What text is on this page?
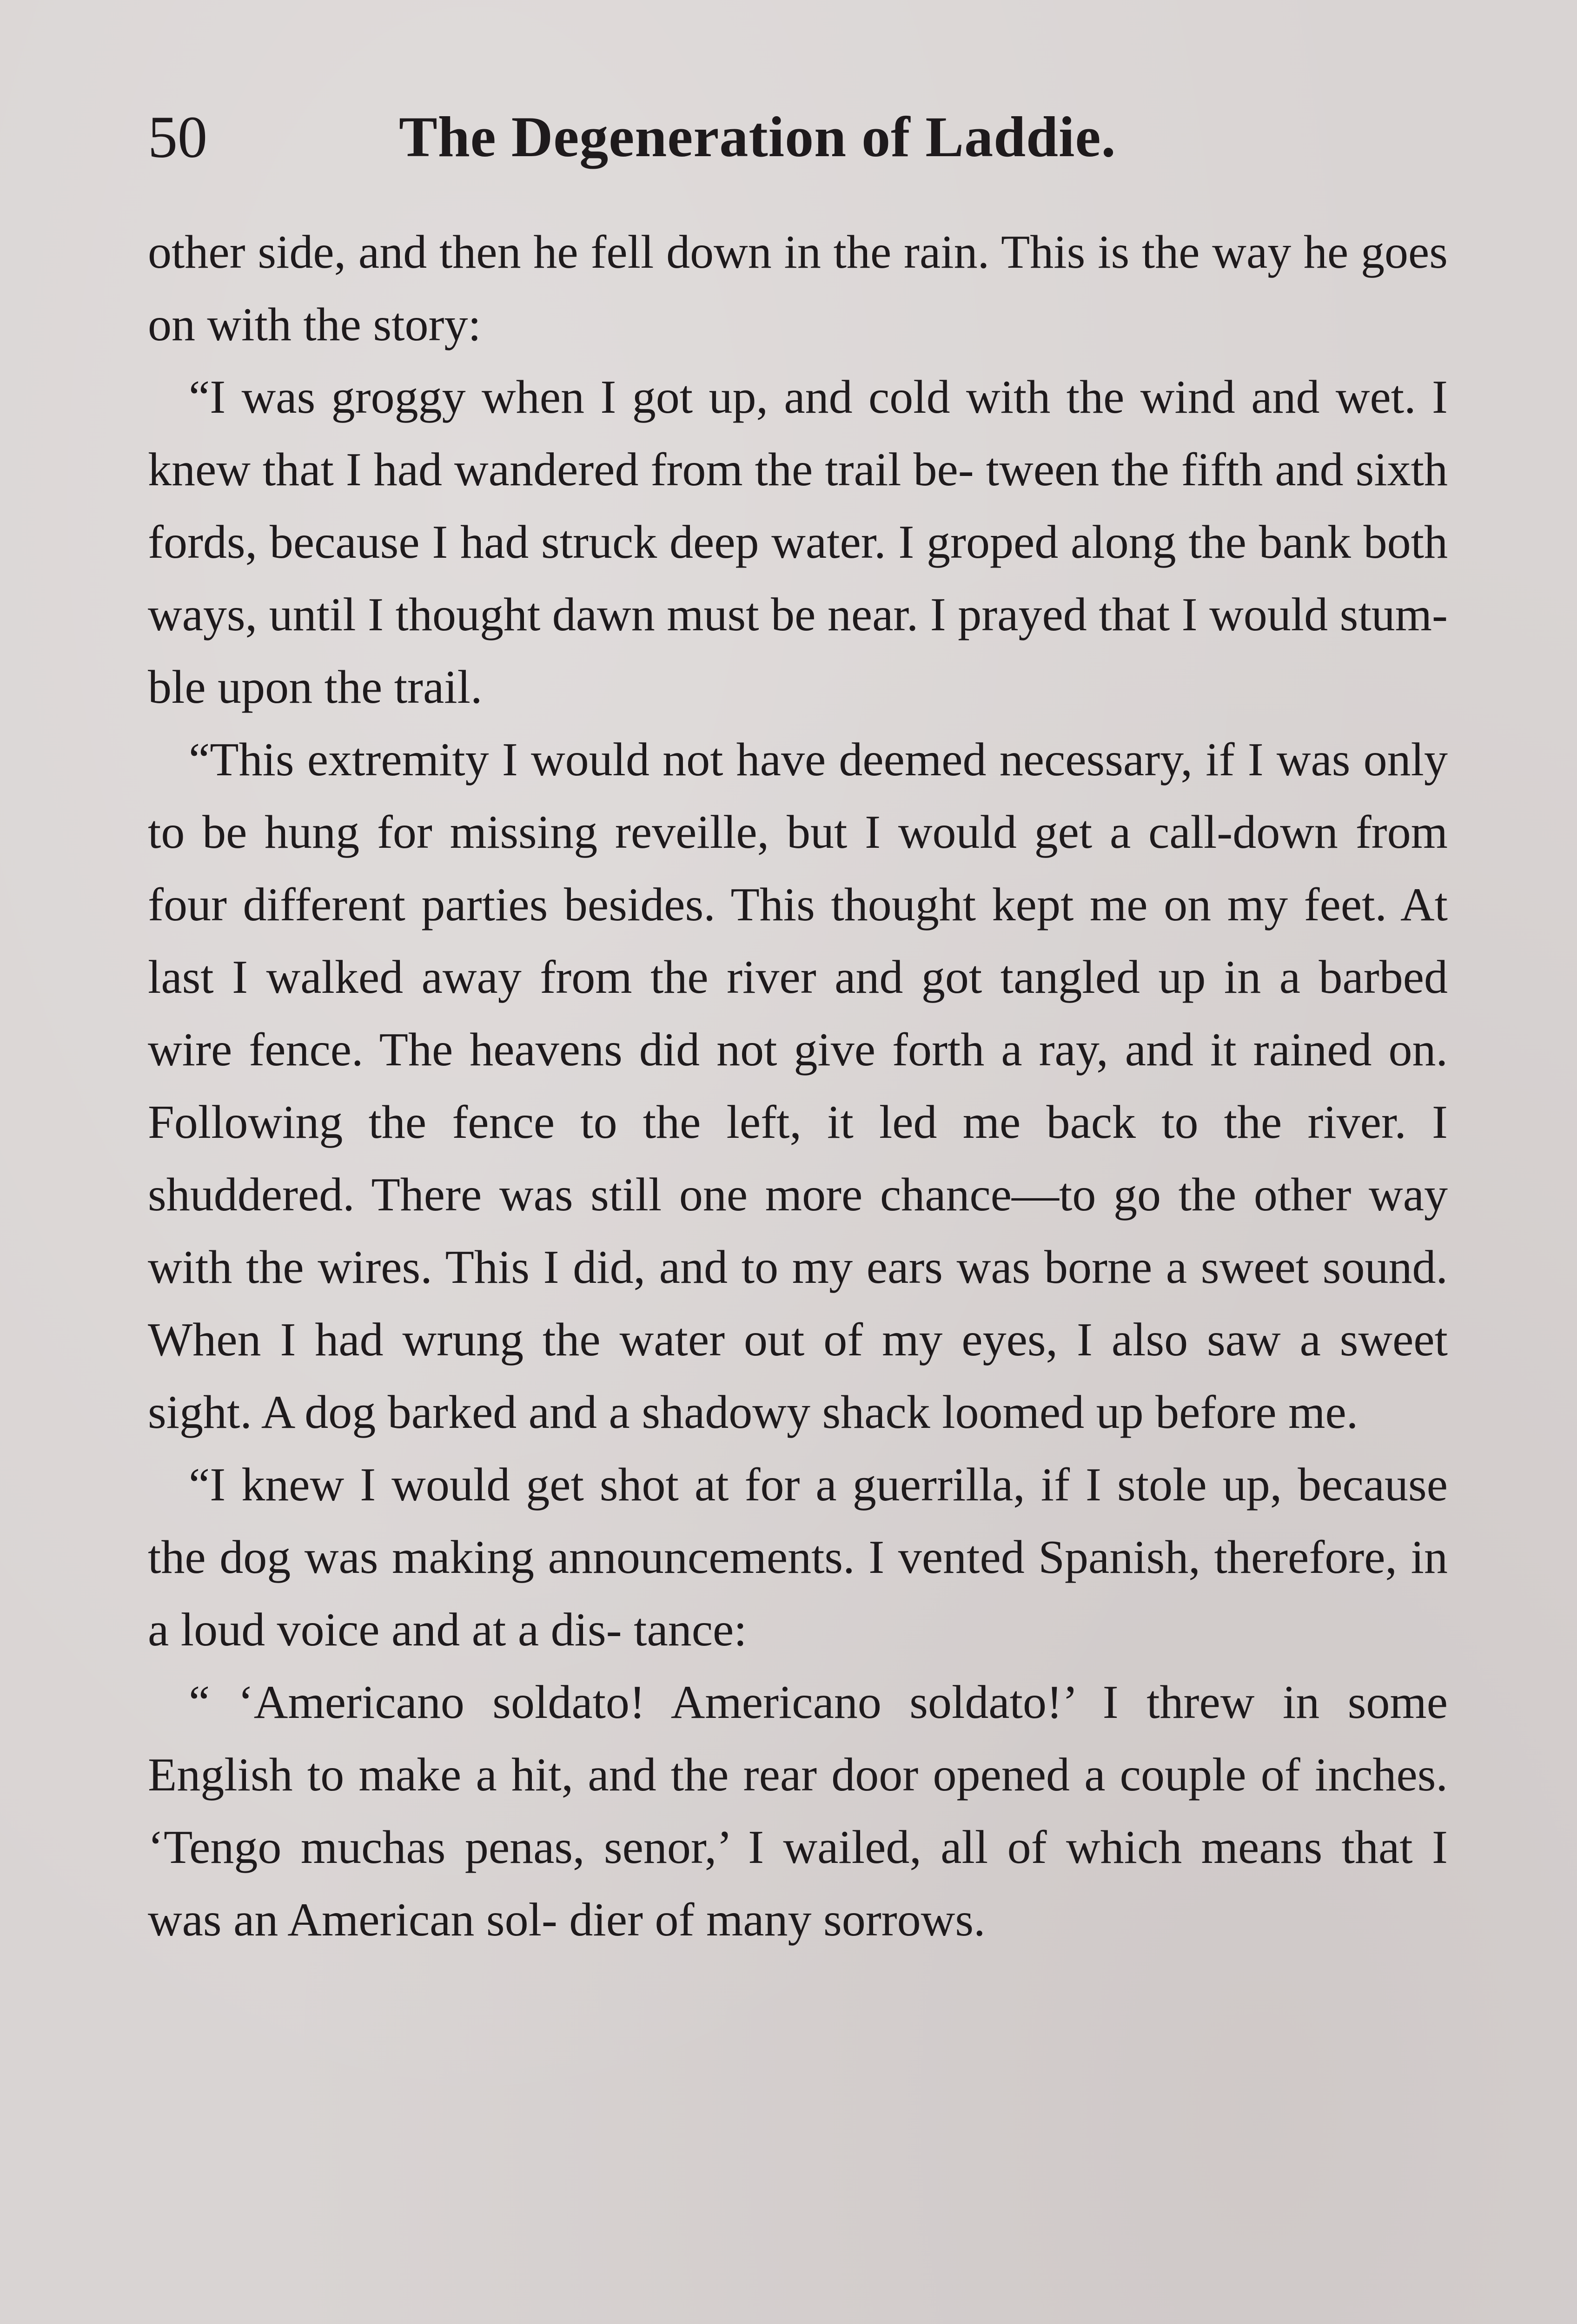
50	The Degeneration of Laddie.

other side, and then he fell down in the rain. This is the way he goes on with the story:

“I was groggy when I got up, and cold with the wind and wet. I knew that I had wandered from the trail be- tween the fifth and sixth fords, because I had struck deep water. I groped along the bank both ways, until I thought dawn must be near. I prayed that I would stum- ble upon the trail.

“This extremity I would not have deemed necessary, if I was only to be hung for missing reveille, but I would get a call-down from four different parties besides. This thought kept me on my feet. At last I walked away from the river and got tangled up in a barbed wire fence. The heavens did not give forth a ray, and it rained on. Following the fence to the left, it led me back to the river. I shuddered. There was still one more chance—to go the other way with the wires. This I did, and to my ears was borne a sweet sound. When I had wrung the water out of my eyes, I also saw a sweet sight. A dog barked and a shadowy shack loomed up before me.

“I knew I would get shot at for a guerrilla, if I stole up, because the dog was making announcements. I vented Spanish, therefore, in a loud voice and at a dis- tance:

“ ‘Americano soldato! Americano soldato!’ I threw in some English to make a hit, and the rear door opened a couple of inches. ‘Tengo muchas penas, senor,’ I wailed, all of which means that I was an American sol- dier of many sorrows.
